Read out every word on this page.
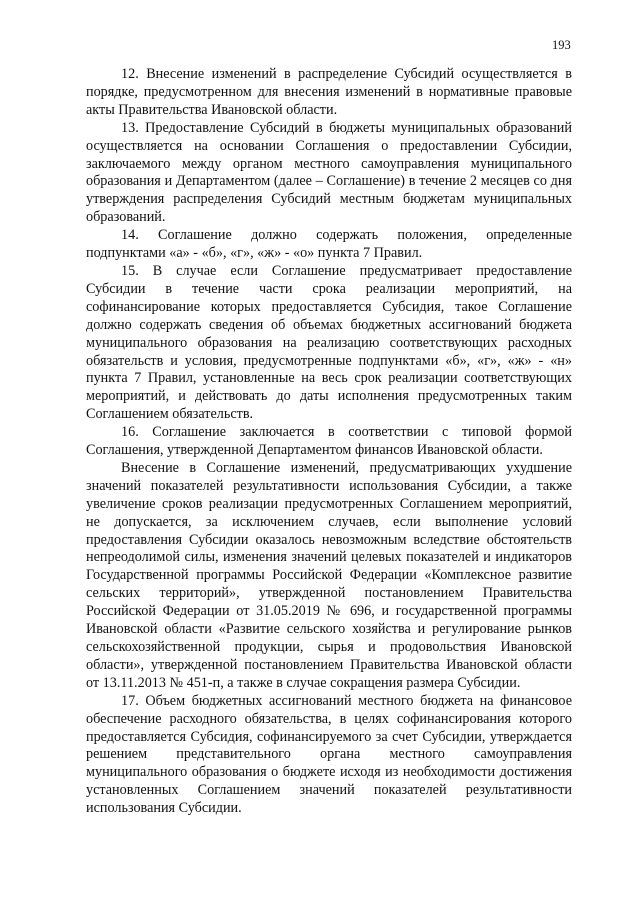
193

12. Внесение изменений в распределение Субсидий осуществляется в порядке, предусмотренном для внесения изменений в нормативные правовые акты Правительства Ивановской области.

13. Предоставление Субсидий в бюджеты муниципальных образований осуществляется на основании Соглашения о предоставлении Субсидии, заключаемого между органом местного самоуправления муниципального образования и Департаментом (далее – Соглашение) в течение 2 месяцев со дня утверждения распределения Субсидий местным бюджетам муниципальных образований.

14. Соглашение должно содержать положения, определенные подпунктами «а» - «б», «г», «ж» - «о» пункта 7 Правил.

15. В случае если Соглашение предусматривает предоставление Субсидии в течение части срока реализации мероприятий, на софинансирование которых предоставляется Субсидия, такое Соглашение должно содержать сведения об объемах бюджетных ассигнований бюджета муниципального образования на реализацию соответствующих расходных обязательств и условия, предусмотренные подпунктами «б», «г», «ж» - «н» пункта 7 Правил, установленные на весь срок реализации соответствующих мероприятий, и действовать до даты исполнения предусмотренных таким Соглашением обязательств.

16. Соглашение заключается в соответствии с типовой формой Соглашения, утвержденной Департаментом финансов Ивановской области.

Внесение в Соглашение изменений, предусматривающих ухудшение значений показателей результативности использования Субсидии, а также увеличение сроков реализации предусмотренных Соглашением мероприятий, не допускается, за исключением случаев, если выполнение условий предоставления Субсидии оказалось невозможным вследствие обстоятельств непреодолимой силы, изменения значений целевых показателей и индикаторов Государственной программы Российской Федерации «Комплексное развитие сельских территорий», утвержденной постановлением Правительства Российской Федерации от 31.05.2019 № 696, и государственной программы Ивановской области «Развитие сельского хозяйства и регулирование рынков сельскохозяйственной продукции, сырья и продовольствия Ивановской области», утвержденной постановлением Правительства Ивановской области от 13.11.2013 № 451-п, а также в случае сокращения размера Субсидии.

17. Объем бюджетных ассигнований местного бюджета на финансовое обеспечение расходного обязательства, в целях софинансирования которого предоставляется Субсидия, софинансируемого за счет Субсидии, утверждается решением представительного органа местного самоуправления муниципального образования о бюджете исходя из необходимости достижения установленных Соглашением значений показателей результативности использования Субсидии.
